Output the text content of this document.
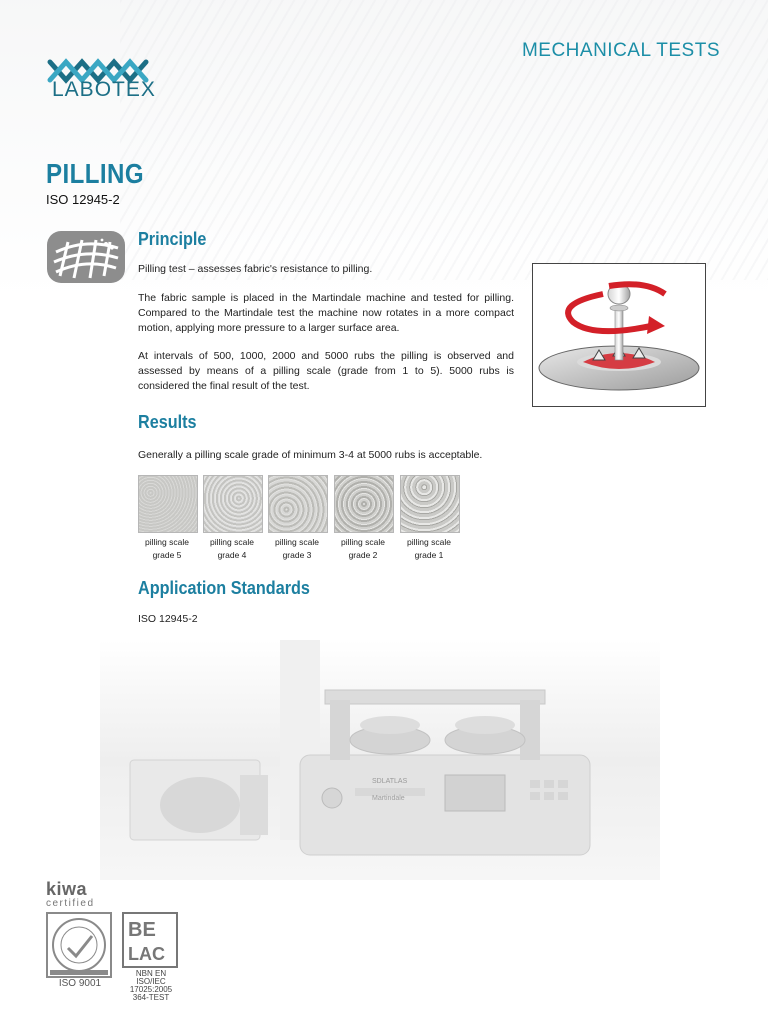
LABOTEX
MECHANICAL TESTS
PILLING
ISO 12945-2
Principle
Pilling test – assesses fabric's resistance to pilling.
The fabric sample is placed in the Martindale machine and tested for pilling. Compared to the Martindale test the machine now rotates in a more compact motion, applying more pressure to a larger surface area.
At intervals of 500, 1000, 2000 and 5000 rubs the pilling is observed and assessed by means of a pilling scale (grade from 1 to 5). 5000 rubs is considered the final result of the test.
Results
Generally a pilling scale grade of minimum 3-4 at 5000 rubs is acceptable.
pilling scale
grade 5
pilling scale
grade 4
pilling scale
grade 3
pilling scale
grade 2
pilling scale
grade 1
Application Standards
ISO 12945-2
SDLATLAS
Martindale
kiwa
certified
ISO 9001
BE
LAC
NBN EN ISO/IEC
17025:2005
364-TEST
